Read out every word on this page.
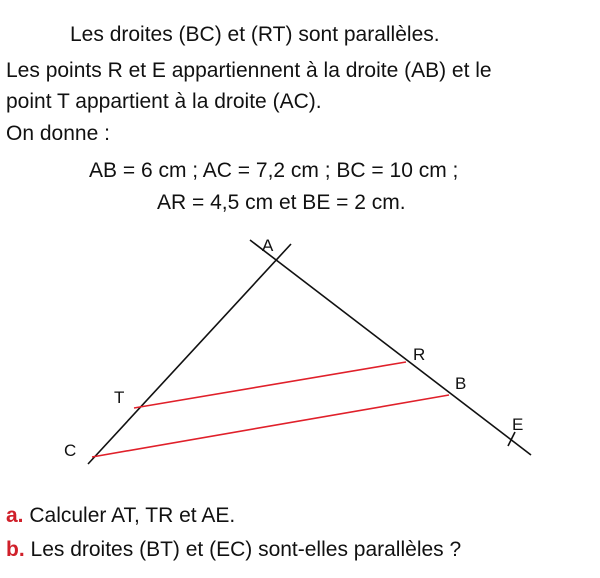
Les droites (BC) et (RT) sont parallèles.
Les points R et E appartiennent à la droite (AB) et le
point T appartient à la droite (AC).
On donne :
AB = 6 cm ; AC = 7,2 cm ; BC = 10 cm ;
AR = 4,5 cm et BE = 2 cm.
A
R
B
E
T
C
a. Calculer AT, TR et AE.
b. Les droites (BT) et (EC) sont-elles parallèles ?
